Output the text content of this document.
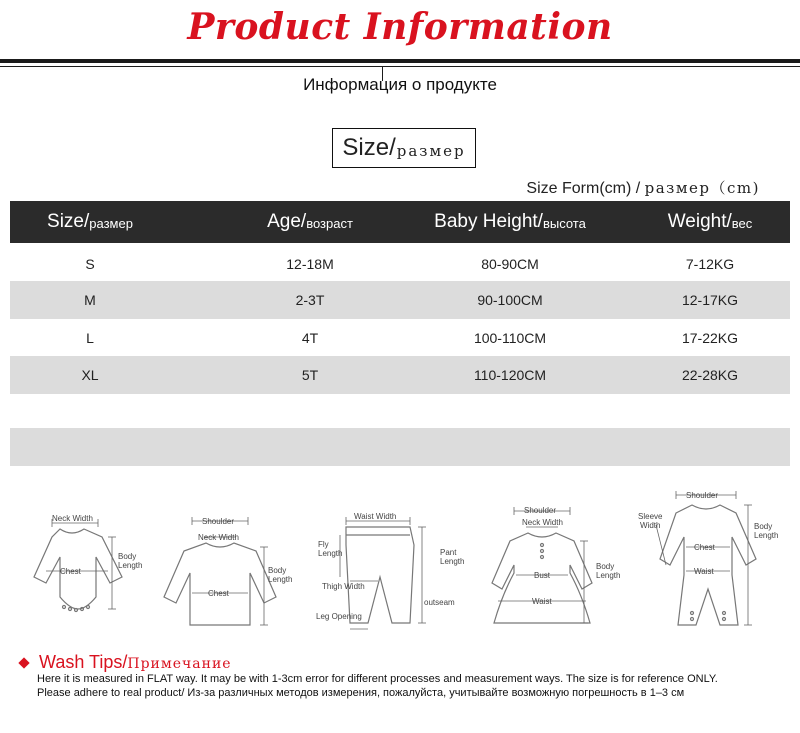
Product Information
Информация о продукте
Size/ размер
Size Form(cm) / размер（cm)
Size/ размер	Age/ возраст	Baby Height/ высота	Weight/ вес
S	12-18M	80-90CM	7-12KG
M	2-3T	90-100CM	12-17KG
L	4T	100-110CM	17-22KG
XL	5T	110-120CM	22-28KG
Neck Width
Chest
Body
Length
Shoulder
Neck Width
Chest
Body
Length
Waist Width
Fly
Length	Pant
Length
Thigh Width
outseam
Leg Opening
Shoulder
Neck Width
Bust
Waist
Body
Length
Shoulder
Sleeve
Width
Chest
Waist
Body
Length
Wash Tips/ Примечание
Here it is measured in FLAT way. It may be with 1-3cm error for different processes and measurement ways. The size is for reference ONLY.
Please adhere to real product/ Из-за различных методов измерения, пожалуйста, учитывайте возможную погрешность в 1–3 см
